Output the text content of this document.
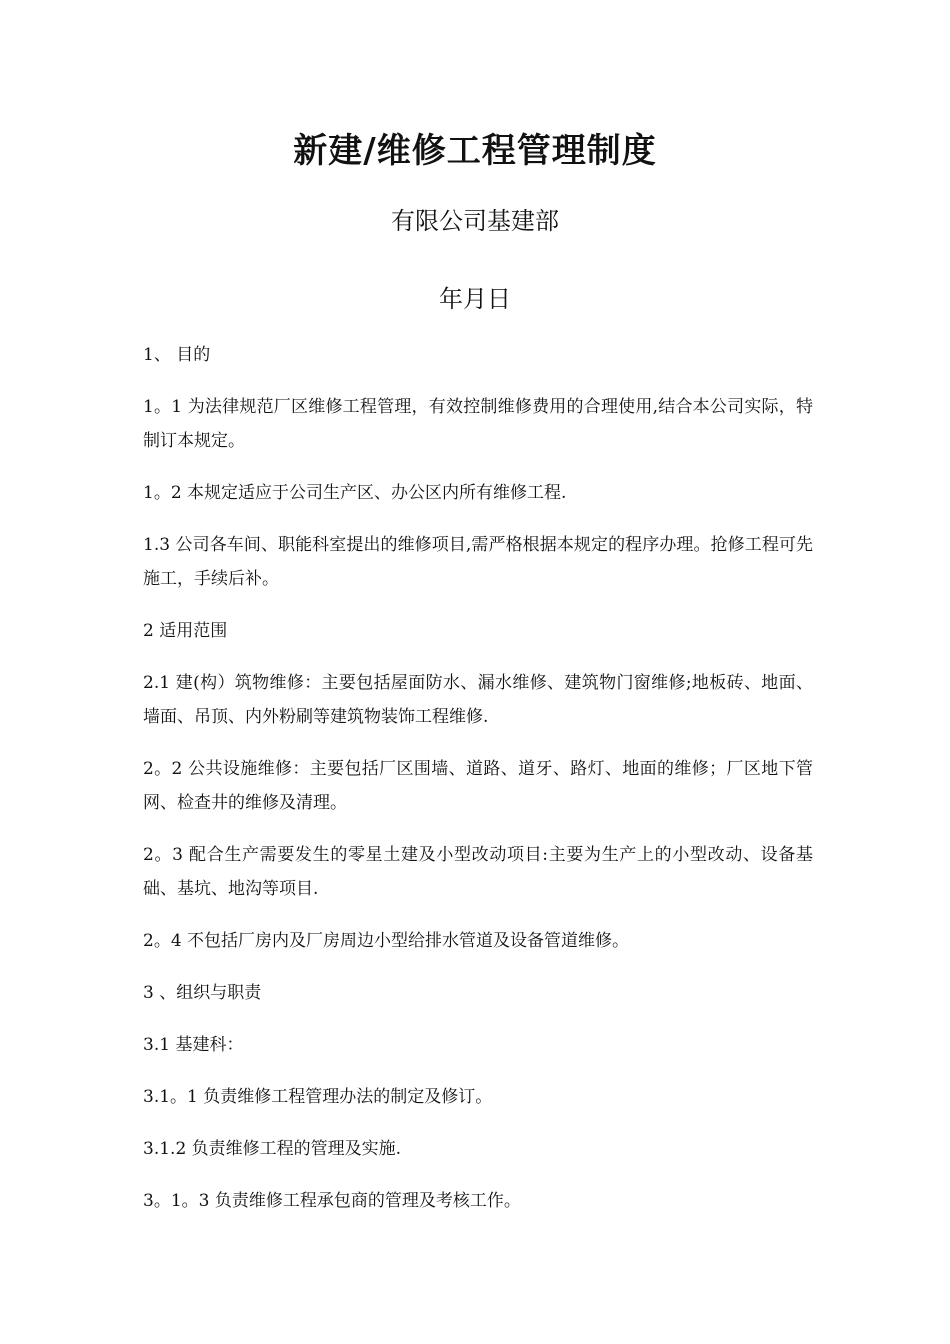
新建/维修工程管理制度
有限公司基建部
年月日

1、 目的

1。1 为法律规范厂区维修工程管理，有效控制维修费用的合理使用,结合本公司实际，特制订本规定。

1。2 本规定适应于公司生产区、办公区内所有维修工程.

1.3 公司各车间、职能科室提出的维修项目,需严格根据本规定的程序办理。抢修工程可先施工，手续后补。

2 适用范围

2.1 建(构）筑物维修：主要包括屋面防水、漏水维修、建筑物门窗维修;地板砖、地面、墙面、吊顶、内外粉刷等建筑物装饰工程维修.

2。2 公共设施维修：主要包括厂区围墙、道路、道牙、路灯、地面的维修；厂区地下管网、检查井的维修及清理。

2。3 配合生产需要发生的零星土建及小型改动项目:主要为生产上的小型改动、设备基础、基坑、地沟等项目.

2。4 不包括厂房内及厂房周边小型给排水管道及设备管道维修。

3 、组织与职责

3.1 基建科：

3.1。1 负责维修工程管理办法的制定及修订。

3.1.2 负责维修工程的管理及实施.

3。1。3 负责维修工程承包商的管理及考核工作。
